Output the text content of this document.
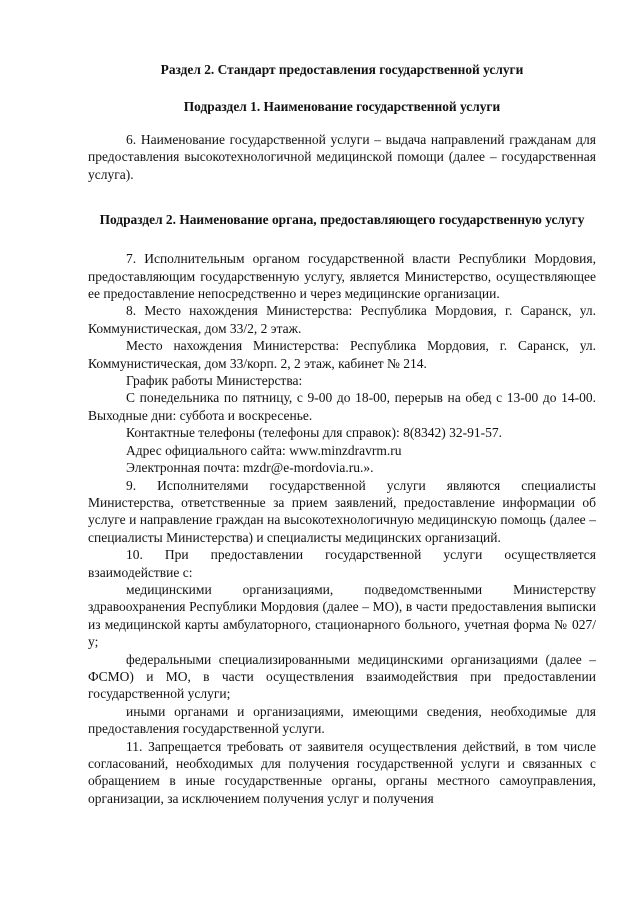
Раздел 2. Стандарт предоставления государственной услуги
Подраздел 1. Наименование государственной услуги

6. Наименование государственной услуги – выдача направлений гражданам для предоставления высокотехнологичной медицинской помощи (далее – государственная услуга).

Подраздел 2. Наименование органа, предоставляющего государственную услугу

7. Исполнительным органом государственной власти Республики Мордовия, предоставляющим государственную услугу, является Министерство, осуществляющее ее предоставление непосредственно и через медицинские организации.

8. Место нахождения Министерства: Республика Мордовия, г. Саранск, ул. Коммунистическая, дом 33/2, 2 этаж.

Место нахождения Министерства: Республика Мордовия, г. Саранск, ул. Коммунистическая, дом 33/корп. 2, 2 этаж, кабинет № 214.

График работы Министерства:

С понедельника по пятницу, с 9-00 до 18-00, перерыв на обед с 13-00 до 14-00. Выходные дни: суббота и воскресенье.

Контактные телефоны (телефоны для справок): 8(8342) 32-91-57.

Адрес официального сайта: www.minzdravrm.ru

Электронная почта: mzdr@e-mordovia.ru.».

9. Исполнителями государственной услуги являются специалисты Министерства, ответственные за прием заявлений, предоставление информации об услуге и направление граждан на высокотехнологичную медицинскую помощь (далее – специалисты Министерства) и специалисты медицинских организаций.

10. При предоставлении государственной услуги осуществляется взаимодействие с:

медицинскими организациями, подведомственными Министерству здравоохранения Республики Мордовия (далее – МО), в части предоставления выписки из медицинской карты амбулаторного, стационарного больного, учетная форма № 027/у;

федеральными специализированными медицинскими организациями (далее – ФСМО) и МО, в части осуществления взаимодействия при предоставлении государственной услуги;

иными органами и организациями, имеющими сведения, необходимые для предоставления государственной услуги.

11. Запрещается требовать от заявителя осуществления действий, в том числе согласований, необходимых для получения государственной услуги и связанных с обращением в иные государственные органы, органы местного самоуправления, организации, за исключением получения услуг и получения
